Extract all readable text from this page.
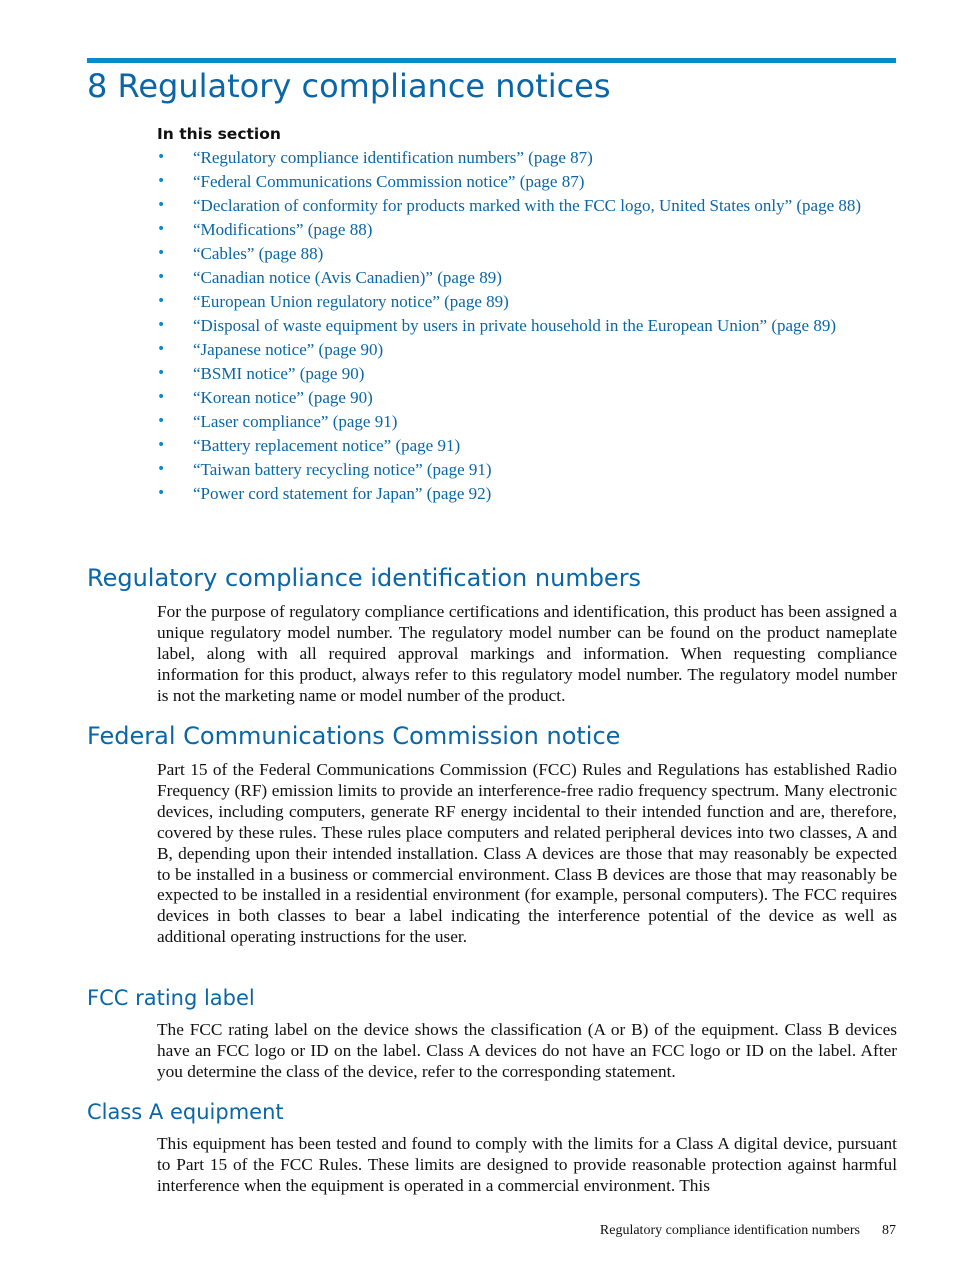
8 Regulatory compliance notices
In this section
• “Regulatory compliance identification numbers” (page 87)
• “Federal Communications Commission notice” (page 87)
• “Declaration of conformity for products marked with the FCC logo, United States only” (page 88)
• “Modifications” (page 88)
• “Cables” (page 88)
• “Canadian notice (Avis Canadien)” (page 89)
• “European Union regulatory notice” (page 89)
• “Disposal of waste equipment by users in private household in the European Union” (page 89)
• “Japanese notice” (page 90)
• “BSMI notice” (page 90)
• “Korean notice” (page 90)
• “Laser compliance” (page 91)
• “Battery replacement notice” (page 91)
• “Taiwan battery recycling notice” (page 91)
• “Power cord statement for Japan” (page 92)
Regulatory compliance identification numbers

For the purpose of regulatory compliance certifications and identification, this product has been assigned a unique regulatory model number. The regulatory model number can be found on the product nameplate label, along with all required approval markings and information. When requesting compliance information for this product, always refer to this regulatory model number. The regulatory model number is not the marketing name or model number of the product.

Federal Communications Commission notice

Part 15 of the Federal Communications Commission (FCC) Rules and Regulations has established Radio Frequency (RF) emission limits to provide an interference-free radio frequency spectrum. Many electronic devices, including computers, generate RF energy incidental to their intended function and are, therefore, covered by these rules. These rules place computers and related peripheral devices into two classes, A and B, depending upon their intended installation. Class A devices are those that may reasonably be expected to be installed in a business or commercial environment. Class B devices are those that may reasonably be expected to be installed in a residential environment (for example, personal computers). The FCC requires devices in both classes to bear a label indicating the interference potential of the device as well as additional operating instructions for the user.

FCC rating label

The FCC rating label on the device shows the classification (A or B) of the equipment. Class B devices have an FCC logo or ID on the label. Class A devices do not have an FCC logo or ID on the label. After you determine the class of the device, refer to the corresponding statement.

Class A equipment

This equipment has been tested and found to comply with the limits for a Class A digital device, pursuant to Part 15 of the FCC Rules. These limits are designed to provide reasonable protection against harmful interference when the equipment is operated in a commercial environment. This

Regulatory compliance identification numbers 87
